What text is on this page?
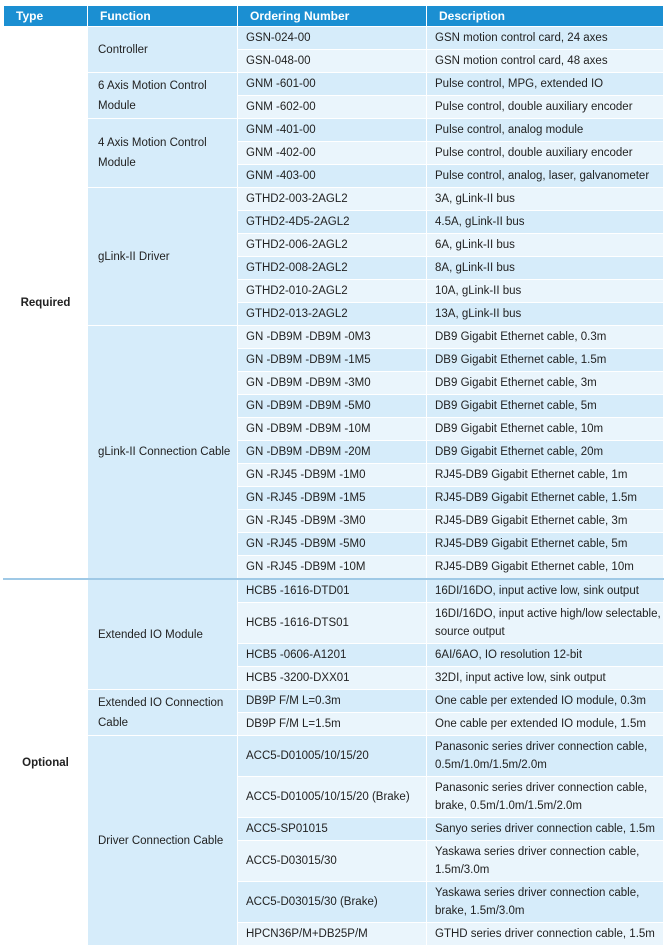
Type	Function	Ordering Number	Description
Required	Controller	GSN-024-00	GSN motion control card, 24 axes
		GSN-048-00	GSN motion control card, 48 axes
	6 Axis Motion Control Module	GNM -601-00	Pulse control, MPG, extended IO
		GNM -602-00	Pulse control, double auxiliary encoder
	4 Axis Motion Control Module	GNM -401-00	Pulse control, analog module
		GNM -402-00	Pulse control, double auxiliary encoder
		GNM -403-00	Pulse control, analog, laser, galvanometer
	gLink-II Driver	GTHD2-003-2AGL2	3A, gLink-II bus
		GTHD2-4D5-2AGL2	4.5A, gLink-II bus
		GTHD2-006-2AGL2	6A, gLink-II bus
		GTHD2-008-2AGL2	8A, gLink-II bus
		GTHD2-010-2AGL2	10A, gLink-II bus
		GTHD2-013-2AGL2	13A, gLink-II bus
	gLink-II Connection Cable	GN -DB9M -DB9M -0M3	DB9 Gigabit Ethernet cable, 0.3m
		GN -DB9M -DB9M -1M5	DB9 Gigabit Ethernet cable, 1.5m
		GN -DB9M -DB9M -3M0	DB9 Gigabit Ethernet cable, 3m
		GN -DB9M -DB9M -5M0	DB9 Gigabit Ethernet cable, 5m
		GN -DB9M -DB9M -10M	DB9 Gigabit Ethernet cable, 10m
		GN -DB9M -DB9M -20M	DB9 Gigabit Ethernet cable, 20m
		GN -RJ45 -DB9M -1M0	RJ45-DB9 Gigabit Ethernet cable, 1m
		GN -RJ45 -DB9M -1M5	RJ45-DB9 Gigabit Ethernet cable, 1.5m
		GN -RJ45 -DB9M -3M0	RJ45-DB9 Gigabit Ethernet cable, 3m
		GN -RJ45 -DB9M -5M0	RJ45-DB9 Gigabit Ethernet cable, 5m
		GN -RJ45 -DB9M -10M	RJ45-DB9 Gigabit Ethernet cable, 10m
Optional	Extended IO Module	HCB5 -1616-DTD01	16DI/16DO, input active low, sink output
		HCB5 -1616-DTS01	16DI/16DO, input active high/low selectable, source output
		HCB5 -0606-A1201	6AI/6AO, IO resolution 12-bit
		HCB5 -3200-DXX01	32DI, input active low, sink output
	Extended IO Connection Cable	DB9P F/M L=0.3m	One cable per extended IO module, 0.3m
		DB9P F/M L=1.5m	One cable per extended IO module, 1.5m
	Driver Connection Cable	ACC5-D01005/10/15/20	Panasonic series driver connection cable, 0.5m/1.0m/1.5m/2.0m
		ACC5-D01005/10/15/20 (Brake)	Panasonic series driver connection cable, brake, 0.5m/1.0m/1.5m/2.0m
		ACC5-SP01015	Sanyo series driver connection cable, 1.5m
		ACC5-D03015/30	Yaskawa series driver connection cable, 1.5m/3.0m
		ACC5-D03015/30 (Brake)	Yaskawa series driver connection cable, brake, 1.5m/3.0m
		HPCN36P/M+DB25P/M	GTHD series driver connection cable, 1.5m
